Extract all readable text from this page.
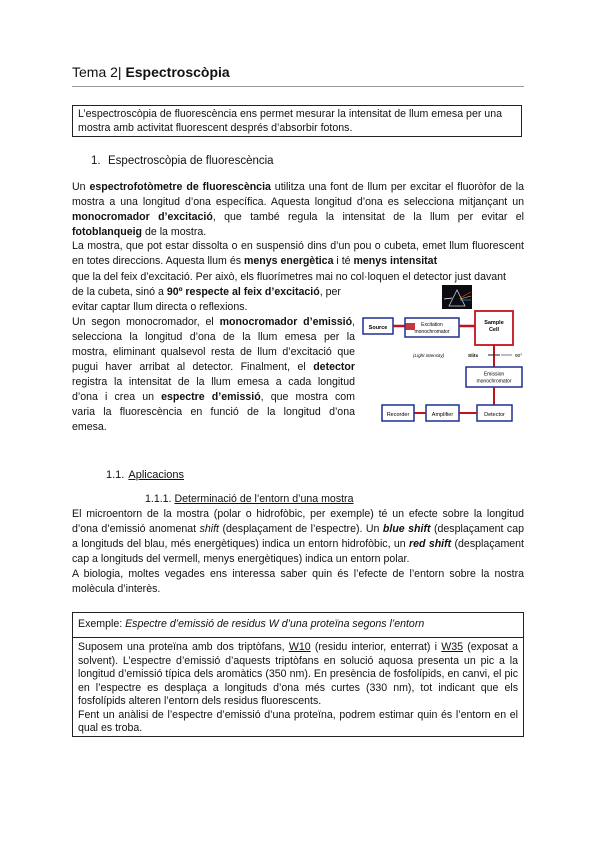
Tema 2| Espectroscòpia
L’espectroscòpia de fluorescència ens permet mesurar la intensitat de llum emesa per una mostra amb activitat fluorescent després d’absorbir fotons.
1. Espectroscòpia de fluorescència
Un espectrofotòmetre de fluorescència utilitza una font de llum per excitar el fluoròfor de la mostra a una longitud d’ona específica. Aquesta longitud d’ona es selecciona mitjançant un monocromador d’excitació, que també regula la intensitat de la llum per evitar el fotoblanqueig de la mostra.
La mostra, que pot estar dissolta o en suspensió dins d’un pou o cubeta, emet llum fluorescent en totes direccions. Aquesta llum és menys energètica i té menys intensitat
que la del feix d’excitació. Per això, els fluorímetres mai no col·loquen el detector just davant
de la cubeta, sinó a 90º respecte al feix d’excitació, per
evitar captar llum directa o reflexions.
Un segon monocromador, el monocromador d’emissió,
selecciona la longitud d’ona de la llum emesa per la
mostra, eliminant qualsevol resta de llum d’excitació que
pugui haver arribat al detector. Finalment, el detector
registra la intensitat de la llum emesa a cada longitud
d’ona i crea un espectre d’emissió, que mostra com
varia la fluorescència en funció de la longitud d’ona
emesa.
Source	Excitation
monochromator
Sample
Cell
(Light intensity)	Slits	90°
Emission
monochromator
Detector
Amplifier
Recorder
1.1. Aplicacions
1.1.1. Determinació de l’entorn d’una mostra
El microentorn de la mostra (polar o hidrofòbic, per exemple) té un efecte sobre la longitud d’ona d’emissió anomenat shift (desplaçament de l’espectre). Un blue shift (desplaçament cap a longituds del blau, més energètiques) indica un entorn hidrofòbic, un red shift (desplaçament cap a longituds del vermell, menys energètiques) indica un entorn polar.
A biologia, moltes vegades ens interessa saber quin és l’efecte de l’entorn sobre la nostra molècula d’interès.
Exemple: Espectre d’emissió de residus W d’una proteïna segons l’entorn
Suposem una proteïna amb dos triptòfans, W10 (residu interior, enterrat) i W35 (exposat a solvent). L’espectre d’emissió d’aquests triptòfans en solució aquosa presenta un pic a la longitud d’emissió típica dels aromàtics (350 nm). En presència de fosfolípids, en canvi, el pic en l’espectre es desplaça a longituds d’ona més curtes (330 nm), tot indicant que els fosfolípids alteren l’entorn dels residus fluorescents.
Fent un anàlisi de l’espectre d’emissió d’una proteïna, podrem estimar quin és l’entorn en el qual es troba.
